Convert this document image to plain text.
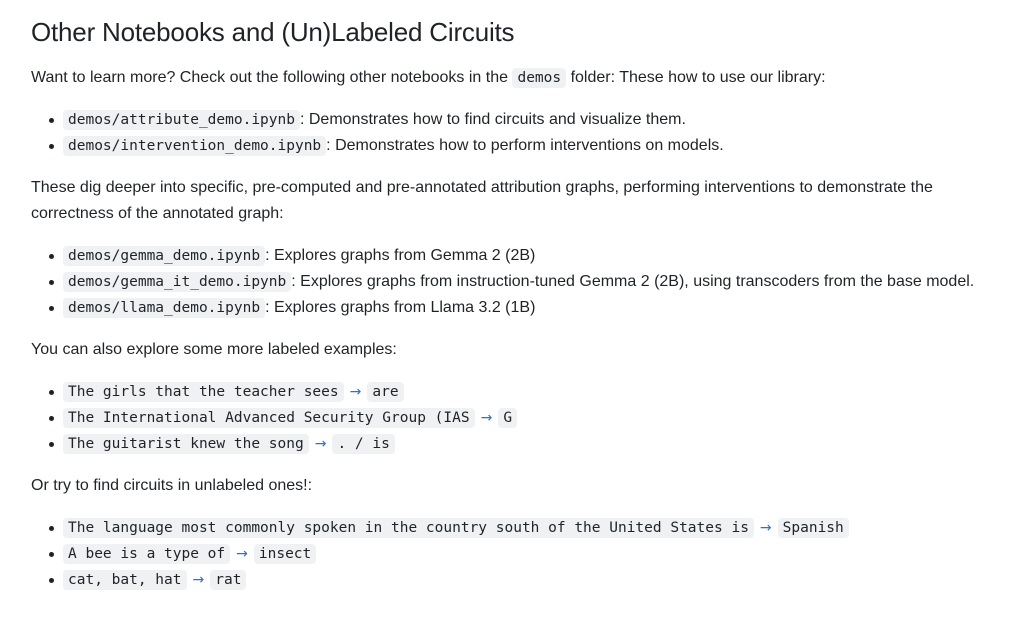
Other Notebooks and (Un)Labeled Circuits

Want to learn more? Check out the following other notebooks in the demos folder: These how to use our library:

demos/attribute_demo.ipynb : Demonstrates how to find circuits and visualize them.
demos/intervention_demo.ipynb : Demonstrates how to perform interventions on models.

These dig deeper into specific, pre-computed and pre-annotated attribution graphs, performing interventions to demonstrate the correctness of the annotated graph:

demos/gemma_demo.ipynb : Explores graphs from Gemma 2 (2B)
demos/gemma_it_demo.ipynb : Explores graphs from instruction-tuned Gemma 2 (2B), using transcoders from the base model.
demos/llama_demo.ipynb : Explores graphs from Llama 3.2 (1B)

You can also explore some more labeled examples:

The girls that the teacher sees → are
The International Advanced Security Group (IAS → G
The guitarist knew the song → . / is

Or try to find circuits in unlabeled ones!:

The language most commonly spoken in the country south of the United States is → Spanish
A bee is a type of → insect
cat, bat, hat → rat
